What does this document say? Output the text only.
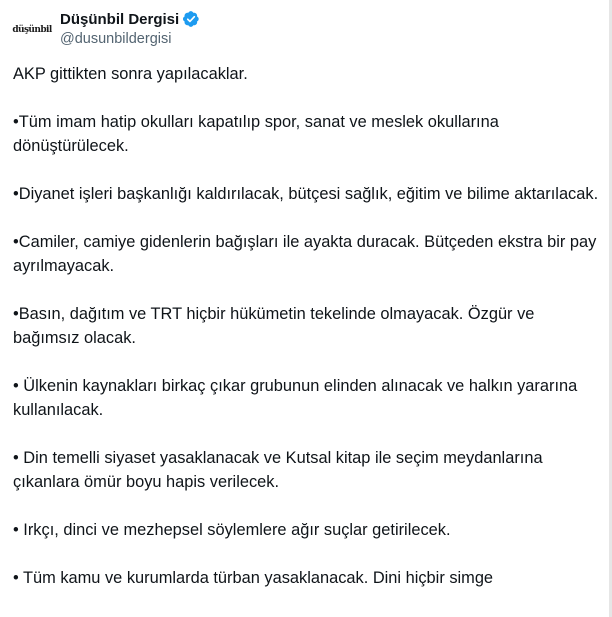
düşünbil
Düşünbil Dergisi
@dusunbildergisi

AKP gittikten sonra yapılacaklar.

•Tüm imam hatip okulları kapatılıp spor, sanat ve meslek okullarına dönüştürülecek.

•Diyanet işleri başkanlığı kaldırılacak, bütçesi sağlık, eğitim ve bilime aktarılacak.

•Camiler, camiye gidenlerin bağışları ile ayakta duracak. Bütçeden ekstra bir pay ayrılmayacak.

•Basın, dağıtım ve TRT hiçbir hükümetin tekelinde olmayacak. Özgür ve bağımsız olacak.

• Ülkenin kaynakları birkaç çıkar grubunun elinden alınacak ve halkın yararına kullanılacak.

• Din temelli siyaset yasaklanacak ve Kutsal kitap ile seçim meydanlarına çıkanlara ömür boyu hapis verilecek.

• Irkçı, dinci ve mezhepsel söylemlere ağır suçlar getirilecek.

• Tüm kamu ve kurumlarda türban yasaklanacak. Dini hiçbir simge
